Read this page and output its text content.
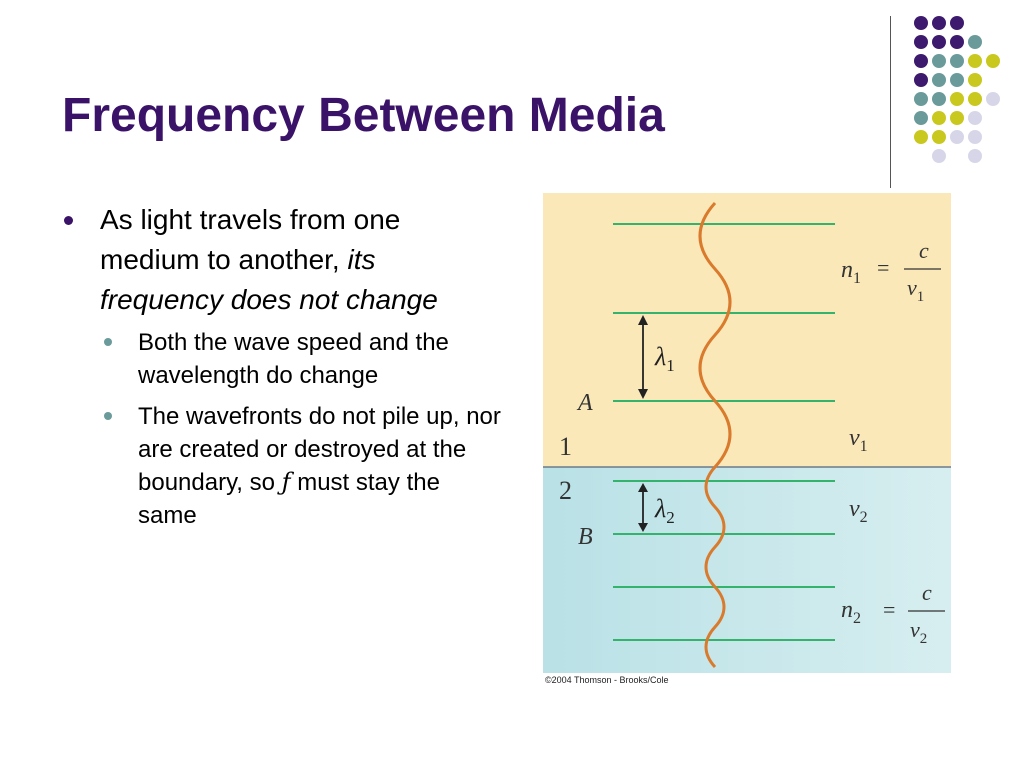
Frequency Between Media
As light travels from one medium to another, its frequency does not change
Both the wave speed and the wavelength do change
The wavefronts do not pile up, nor are created or destroyed at the boundary, so ƒ must stay the same
$\lambda_1$
$\lambda_2$
A
B
1
2
$v_1$
$v_2$
$n_1$ =
c
$v_1$
$n_2$ =
c
$v_2$
©2004 Thomson - Brooks/Cole
